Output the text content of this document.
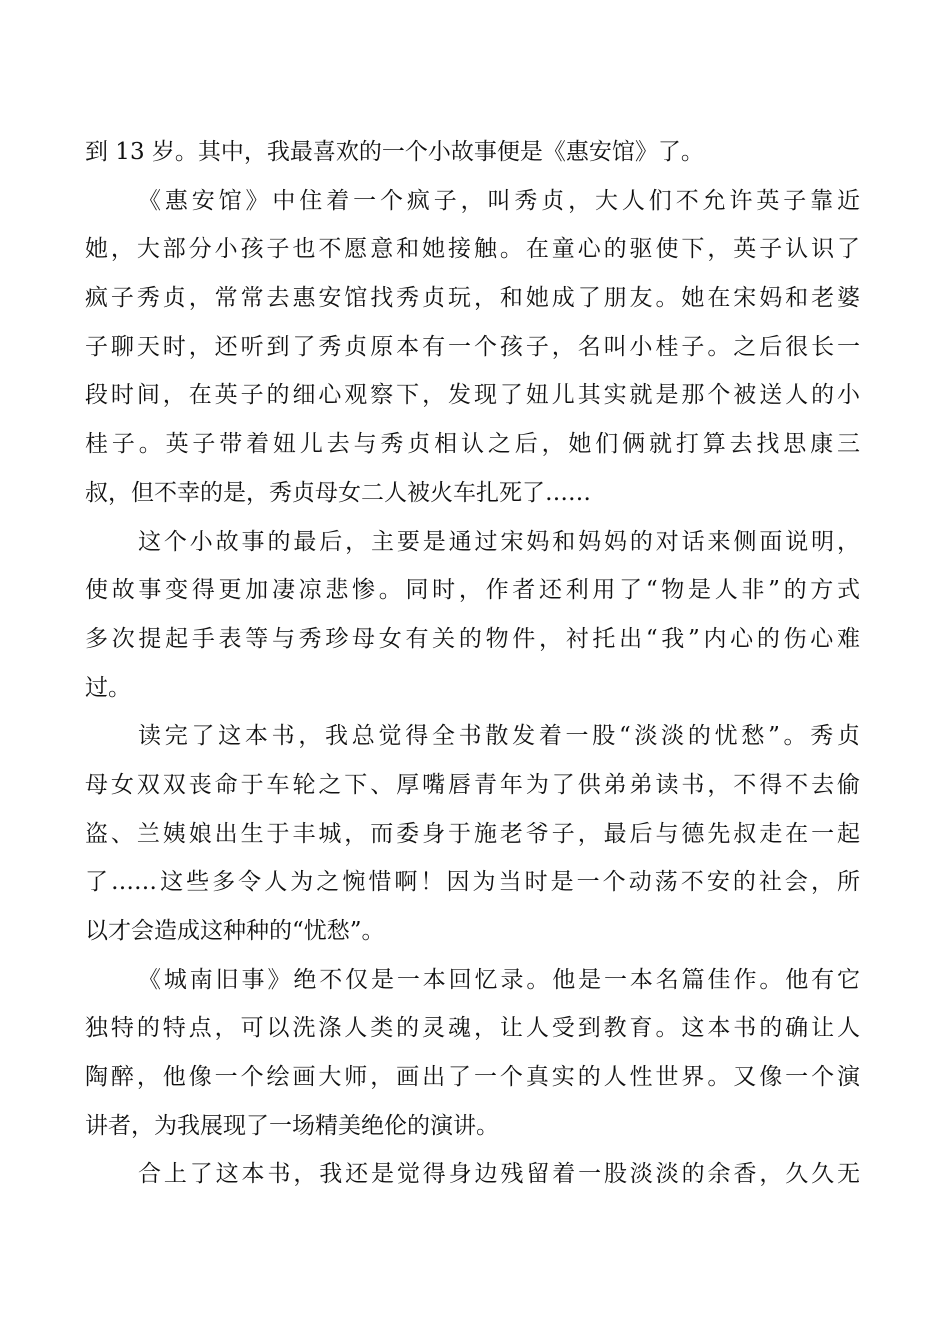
到 13 岁。其中，我最喜欢的一个小故事便是《惠安馆》了。
《惠安馆》中住着一个疯子，叫秀贞，大人们不允许英子靠近
她，大部分小孩子也不愿意和她接触。在童心的驱使下，英子认识了
疯子秀贞，常常去惠安馆找秀贞玩，和她成了朋友。她在宋妈和老婆
子聊天时，还听到了秀贞原本有一个孩子，名叫小桂子。之后很长一
段时间，在英子的细心观察下，发现了妞儿其实就是那个被送人的小
桂子。英子带着妞儿去与秀贞相认之后，她们俩就打算去找思康三
叔，但不幸的是，秀贞母女二人被火车扎死了……
这个小故事的最后，主要是通过宋妈和妈妈的对话来侧面说明，
使故事变得更加凄凉悲惨。同时，作者还利用了“物是人非”的方式
多次提起手表等与秀珍母女有关的物件，衬托出“我”内心的伤心难
过。
读完了这本书，我总觉得全书散发着一股“淡淡的忧愁”。秀贞
母女双双丧命于车轮之下、厚嘴唇青年为了供弟弟读书，不得不去偷
盗、兰姨娘出生于丰城，而委身于施老爷子，最后与德先叔走在一起
了……这些多令人为之惋惜啊！因为当时是一个动荡不安的社会，所
以才会造成这种种的“忧愁”。
《城南旧事》绝不仅是一本回忆录。他是一本名篇佳作。他有它
独特的特点，可以洗涤人类的灵魂，让人受到教育。这本书的确让人
陶醉，他像一个绘画大师，画出了一个真实的人性世界。又像一个演
讲者，为我展现了一场精美绝伦的演讲。
合上了这本书，我还是觉得身边残留着一股淡淡的余香，久久无
